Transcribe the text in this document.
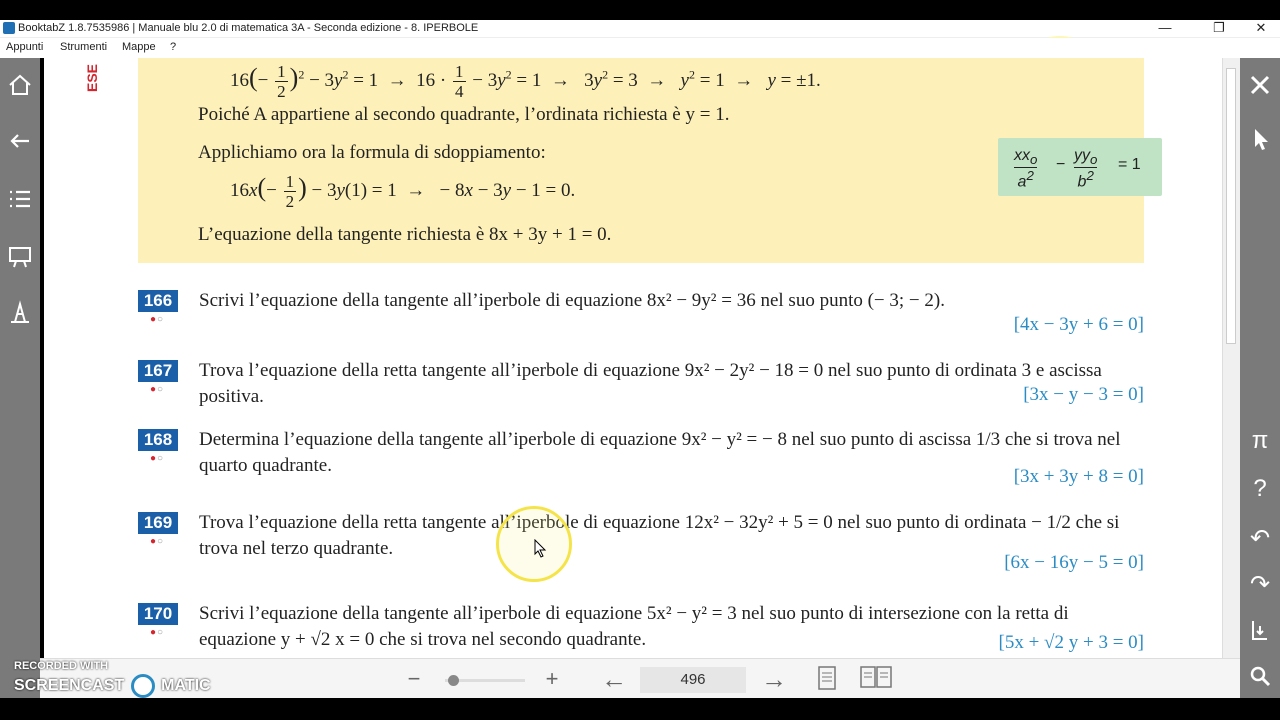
BooktabZ 1.8.7535986 | Manuale blu 2.0 di matematica 3A - Seconda edizione - 8. IPERBOLE	—	❐	✕
Appunti Strumenti Mappe ?
ESE	$16(- \frac{1}{2} )^2 - 3y^2 = 1 \to 16 \cdot \frac{1}{4} - 3y^2 = 1 \to 3y^2 = 3 \to y^2 = 1 \to y = \pm 1$.
Poiché A appartiene al secondo quadrante, l’ordinata richiesta è y = 1.
Applichiamo ora la formula di sdoppiamento:
$16x(- \frac{1}{2}$ ) − 3y(1) = 1  →   − 8x − 3y − 1 = 0.
L’equazione della tangente richiesta è 8x + 3y + 1 = 0.
$xx_o$
$a^2$
−
$yy_o$
$b^2$
= 1
166
●○
Scrivi l’equazione della tangente all’iperbole di equazione 8x² − 9y² = 36 nel suo punto (− 3; − 2).
[4x − 3y + 6 = 0]
167
●○
Trova l’equazione della retta tangente all’iperbole di equazione 9x² − 2y² − 18 = 0 nel suo punto di ordinata 3 e ascissa positiva.	[3x − y − 3 = 0]
168
●○
Determina l’equazione della tangente all’iperbole di equazione 9x² − y² = − 8 nel suo punto di ascissa 1/3 che si trova nel quarto quadrante.
[3x + 3y + 8 = 0]
169
●○
Trova l’equazione della retta tangente all’iperbole di equazione 12x² − 32y² + 5 = 0 nel suo punto di ordinata − 1/2 che si trova nel terzo quadrante.
[6x − 16y − 5 = 0]
170
●○
Scrivi l’equazione della tangente all’iperbole di equazione 5x² − y² = 3 nel suo punto di intersezione con la retta di equazione y + √2 x = 0 che si trova nel secondo quadrante.	[5x + √2 y + 3 = 0]
π
?
↶
↷
−	+ ←	496	→
RECORDED WITH
SCREENCAST MATIC
